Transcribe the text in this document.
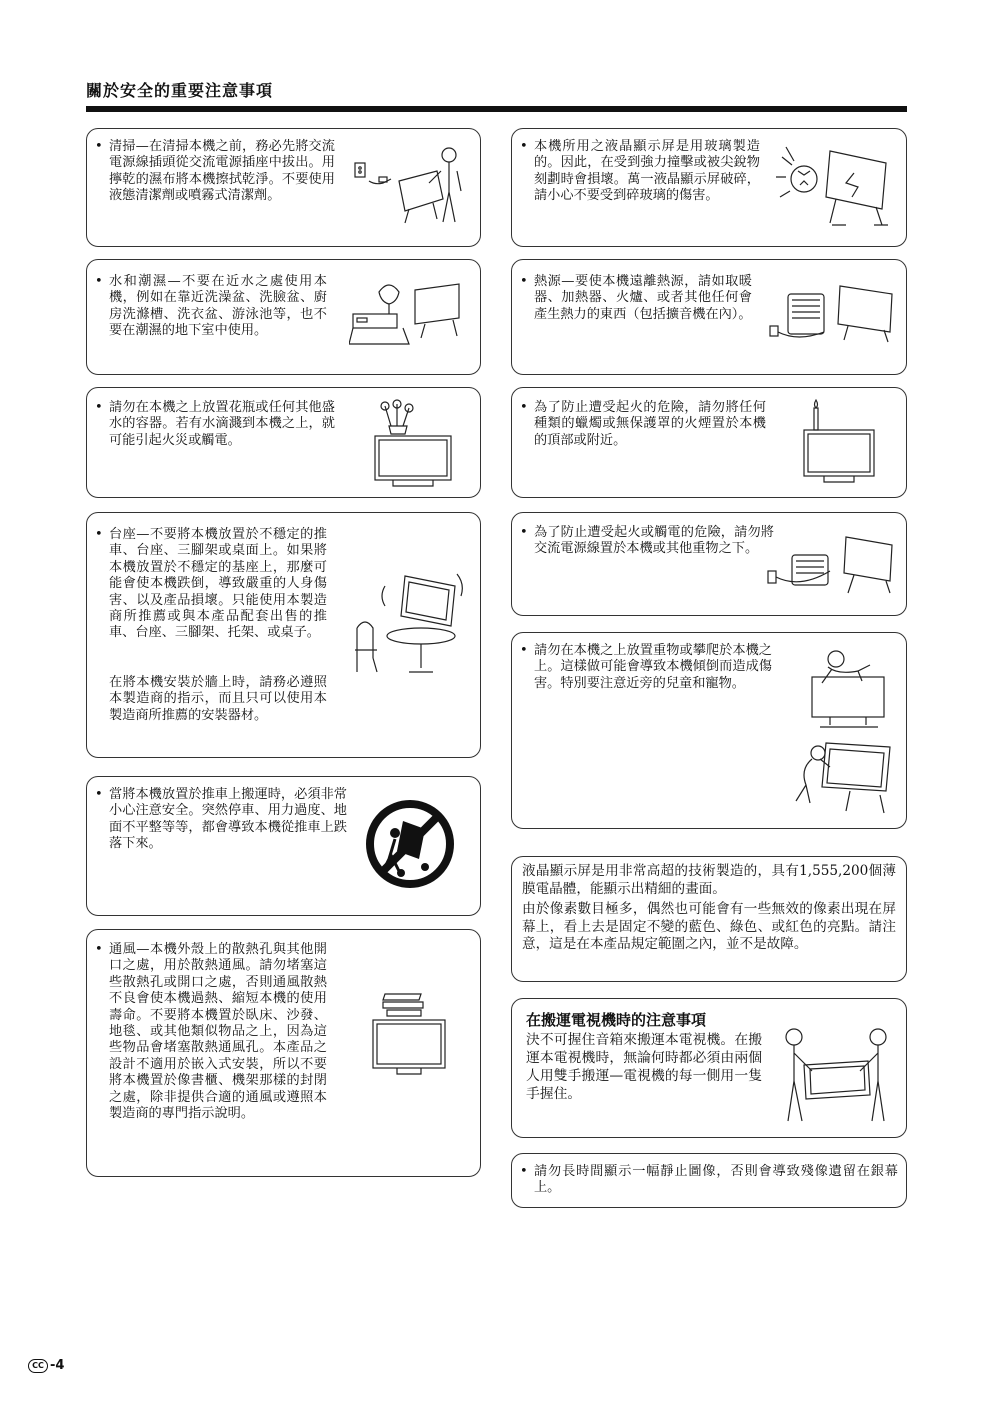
關於安全的重要注意事項
• 清掃—在清掃本機之前，務必先將交流電源線插頭從交流電源插座中拔出。用擰乾的濕布將本機擦拭乾淨。不要使用液態清潔劑或噴霧式清潔劑。
• 水和潮濕—不要在近水之處使用本機，例如在靠近洗澡盆、洗臉盆、廚房洗滌槽、洗衣盆、游泳池等，也不要在潮濕的地下室中使用。
• 請勿在本機之上放置花瓶或任何其他盛水的容器。若有水滴濺到本機之上，就可能引起火災或觸電。
• 台座—不要將本機放置於不穩定的推車、台座、三腳架或桌面上。如果將本機放置於不穩定的基座上，那麼可能會使本機跌倒，導致嚴重的人身傷害、以及產品損壞。只能使用本製造商所推薦或與本產品配套出售的推車、台座、三腳架、托架、或桌子。
在將本機安裝於牆上時，請務必遵照本製造商的指示，而且只可以使用本製造商所推薦的安裝器材。
• 當將本機放置於推車上搬運時，必須非常小心注意安全。突然停車、用力過度、地面不平整等等，都會導致本機從推車上跌落下來。
• 通風—本機外殼上的散熱孔與其他開口之處，用於散熱通風。請勿堵塞這些散熱孔或開口之處，否則通風散熱不良會使本機過熱、縮短本機的使用壽命。不要將本機置於臥床、沙發、地毯、或其他類似物品之上，因為這些物品會堵塞散熱通風孔。本產品之設計不適用於嵌入式安裝，所以不要將本機置於像書櫃、機架那樣的封閉之處，除非提供合適的通風或遵照本製造商的專門指示說明。
• 本機所用之液晶顯示屏是用玻璃製造的。因此，在受到強力撞擊或被尖銳物刻劃時會損壞。萬一液晶顯示屏破碎，請小心不要受到碎玻璃的傷害。
• 熱源—要使本機遠離熱源，請如取暖器、加熱器、火爐、或者其他任何會產生熱力的東西（包括擴音機在內）。
• 為了防止遭受起火的危險，請勿將任何種類的蠟燭或無保護罩的火煙置於本機的頂部或附近。
• 為了防止遭受起火或觸電的危險，請勿將交流電源線置於本機或其他重物之下。
• 請勿在本機之上放置重物或攀爬於本機之上。這樣做可能會導致本機傾倒而造成傷害。特別要注意近旁的兒童和寵物。
液晶顯示屏是用非常高超的技術製造的，具有1,555,200個薄膜電晶體，能顯示出精細的畫面。
由於像素數目極多，偶然也可能會有一些無效的像素出現在屏幕上，看上去是固定不變的藍色、綠色、或紅色的亮點。請注意，這是在本產品規定範圍之內，並不是故障。
在搬運電視機時的注意事項
決不可握住音箱來搬運本電視機。在搬運本電視機時，無論何時都必須由兩個人用雙手搬運—電視機的每一側用一隻手握住。
• 請勿長時間顯示一幅靜止圖像，否則會導致殘像遺留在銀幕上。
CC -4
